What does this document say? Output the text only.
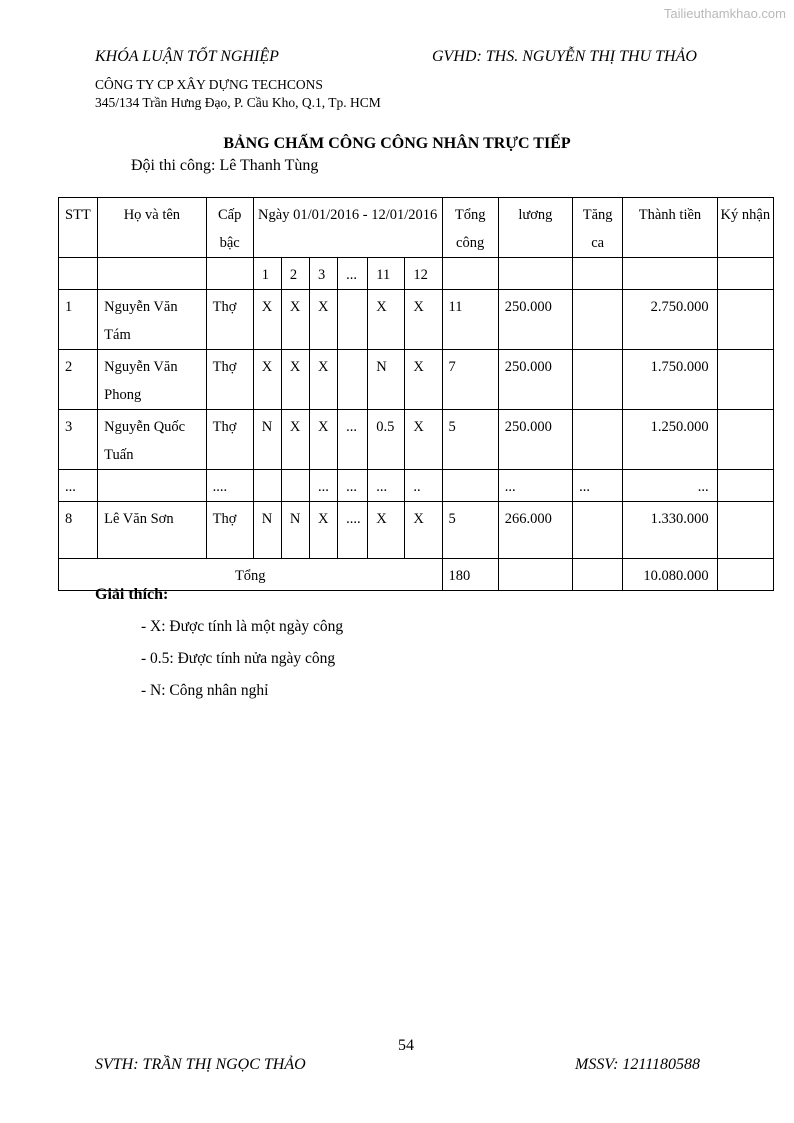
Tailieuthamkhao.com
KHÓA LUẬN TỐT NGHIỆP	GVHD: THS. NGUYỄN THỊ THU THẢO
CÔNG TY CP XÂY DỰNG TECHCONS
345/134 Trần Hưng Đạo, P. Cầu Kho, Q.1, Tp. HCM
BẢNG CHẤM CÔNG CÔNG NHÂN TRỰC TIẾP
Đội thi công: Lê Thanh Tùng
STT	Họ và tên	Cấp bậc	Ngày 01/01/2016 - 12/01/2016						Tổng công	lương	Tăng ca	Thành tiền	Ký nhận
			1	2	3	...	11	12					
1	Nguyễn Văn Tám	Thợ	X	X	X		X	X	11	250.000		2.750.000	
2	Nguyễn Văn Phong	Thợ	X	X	X		N	X	7	250.000		1.750.000	
3	Nguyễn Quốc Tuấn	Thợ	N	X	X	...	0.5	X	5	250.000		1.250.000	
...		....			...	...	...	..		...	...	...	
8	Lê Văn Sơn	Thợ	N	N	X	....	X	X	5	266.000		1.330.000	
Tổng									180			10.080.000	
Giải thích:
- X: Được tính là một ngày công
- 0.5: Được tính nửa ngày công
- N: Công nhân nghỉ
54
SVTH: TRẦN THỊ NGỌC THẢO	MSSV: 1211180588
